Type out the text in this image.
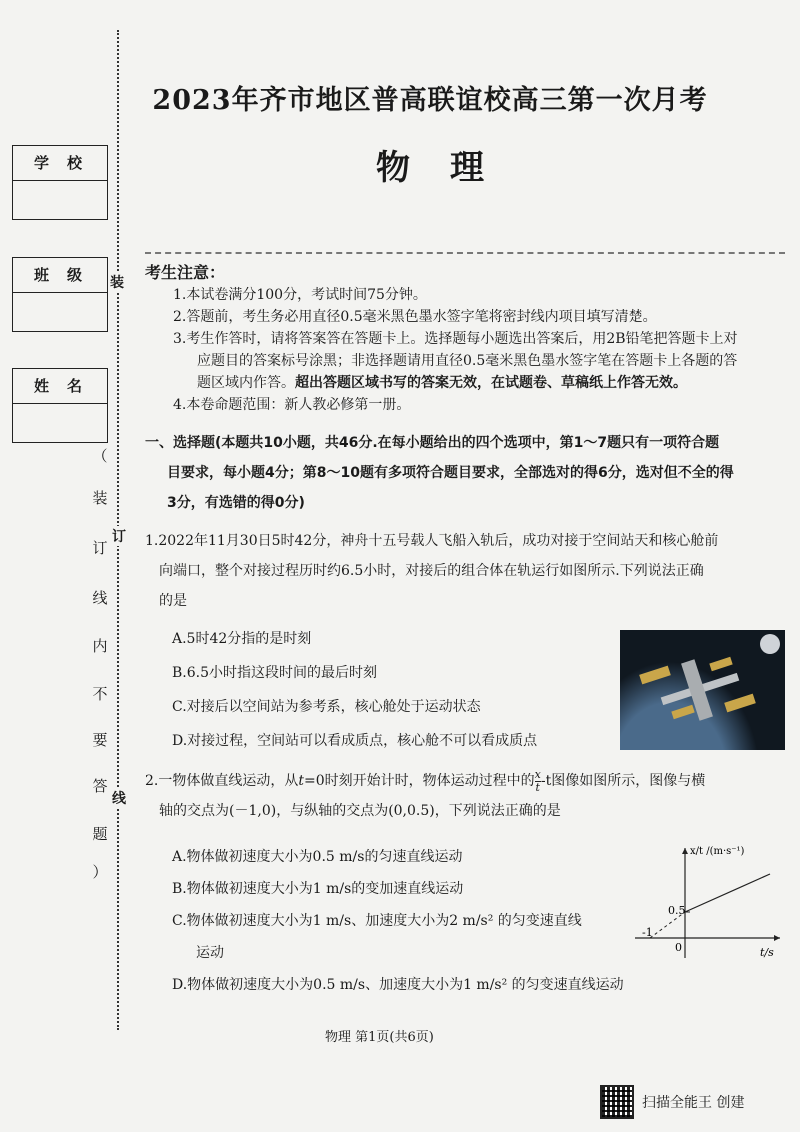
2023年齐市地区普高联谊校高三第一次月考
物理
装
订
线
学校
班级
姓名
（
装
订
线
内
不
要
答
题
）
考生注意：
1.本试卷满分100分，考试时间75分钟。
2.答题前，考生务必用直径0.5毫米黑色墨水签字笔将密封线内项目填写清楚。
3.考生作答时，请将答案答在答题卡上。选择题每小题选出答案后，用2B铅笔把答题卡上对
应题目的答案标号涂黑；非选择题请用直径0.5毫米黑色墨水签字笔在答题卡上各题的答
题区域内作答。超出答题区域书写的答案无效，在试题卷、草稿纸上作答无效。
4.本卷命题范围：新人教必修第一册。
一、选择题(本题共10小题，共46分.在每小题给出的四个选项中，第1～7题只有一项符合题
目要求，每小题4分；第8～10题有多项符合题目要求，全部选对的得6分，选对但不全的得
3分，有选错的得0分)
1.2022年11月30日5时42分，神舟十五号载人飞船入轨后，成功对接于空间站天和核心舱前
向端口，整个对接过程历时约6.5小时，对接后的组合体在轨运行如图所示.下列说法正确
的是
A.5时42分指的是时刻
B.6.5小时指这段时间的最后时刻
C.对接后以空间站为参考系，核心舱处于运动状态
D.对接过程，空间站可以看成质点，核心舱不可以看成质点
2.一物体做直线运动，从t=0时刻开始计时，物体运动过程中的 $\frac{x}{t} -t$图像如图所示，图像与横
轴的交点为(－1,0)，与纵轴的交点为(0,0.5)，下列说法正确的是
A.物体做初速度大小为0.5 m/s的匀速直线运动
B.物体做初速度大小为1 m/s的变加速直线运动
C.物体做初速度大小为1 m/s、加速度大小为2 m/s² 的匀变速直线
运动
D.物体做初速度大小为0.5 m/s、加速度大小为1 m/s² 的匀变速直线运动
0.5
-1
0	t/s
x/t /(m·s⁻¹)
物理 第1页(共6页)
扫描全能王 创建
